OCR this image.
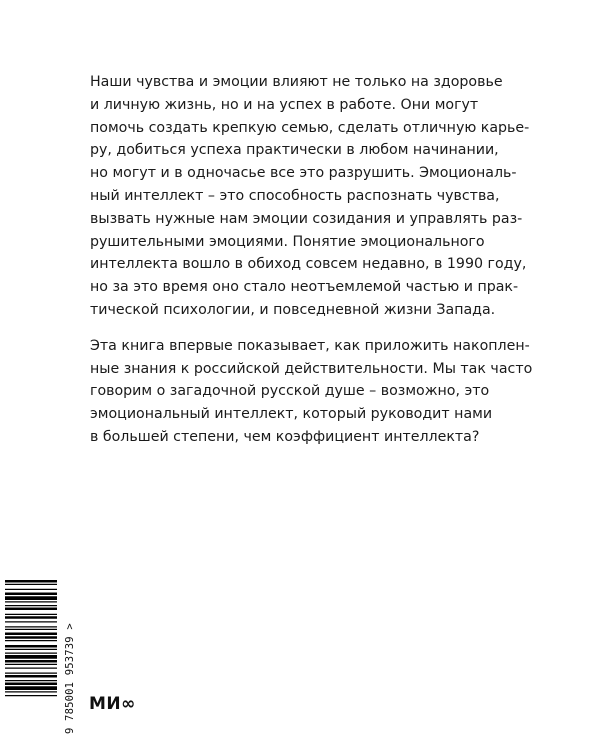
Наши чувства и эмоции влияют не только на здоровье
и личную жизнь, но и на успех в работе. Они могут
помочь создать крепкую семью, сделать отличную карье-
ру, добиться успеха практически в любом начинании,
но могут и в одночасье все это разрушить. Эмоциональ-
ный интеллект – это способность распознать чувства,
вызвать нужные нам эмоции созидания и управлять раз-
рушительными эмоциями. Понятие эмоционального
интеллекта вошло в обиход совсем недавно, в 1990 году,
но за это время оно стало неотъемлемой частью и прак-
тической психологии, и повседневной жизни Запада.

Эта книга впервые показывает, как приложить накоплен-
ные знания к российской действительности. Мы так часто
говорим о загадочной русской душе – возможно, это
эмоциональный интеллект, который руководит нами
в большей степени, чем коэффициент интеллекта?

9 785001 953739 > МИ∞
